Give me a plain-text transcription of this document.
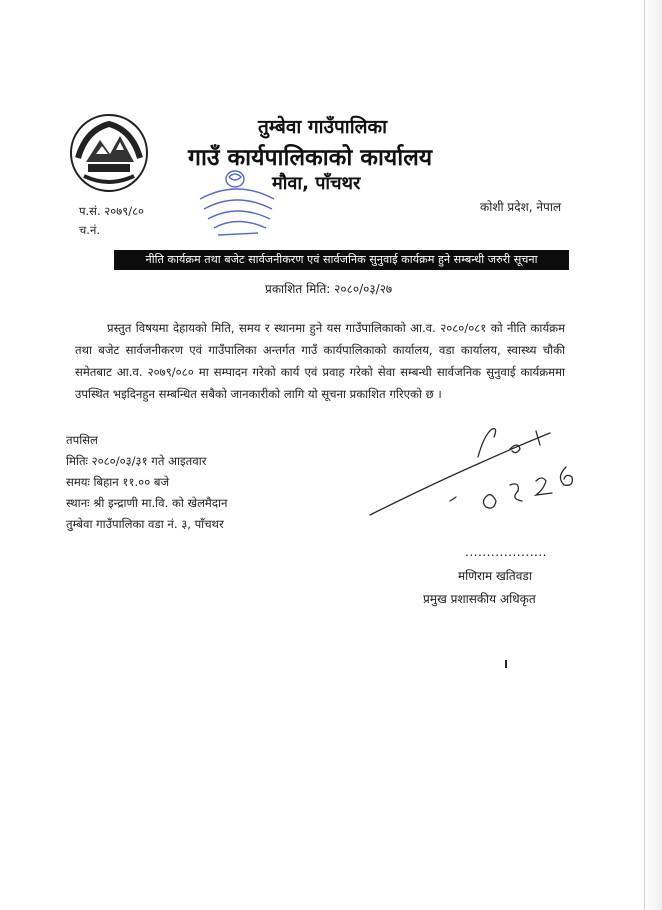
तुम्बेवा गाउँपालिका
गाउँ कार्यपालिकाको कार्यालय
मौवा, पाँचथर
प.सं. २०७९/८०
च.नं.
कोशी प्रदेश, नेपाल
नीति कार्यक्रम तथा बजेट सार्वजनीकरण एवं सार्वजनिक सुनुवाई कार्यक्रम हुने सम्बन्धी जरुरी सूचना
प्रकाशित मिति: २०८०/०३/२७
प्रस्तुत विषयमा देहायको मिति, समय र स्थानमा हुने यस गाउँपालिकाको आ.व. २०८०/०८१ को नीति कार्यक्रम तथा बजेट सार्वजनीकरण एवं गाउँपालिका अन्तर्गत गाउँ कार्यपालिकाको कार्यालय, वडा कार्यालय, स्वास्थ्य चौकी समेतबाट आ.व. २०७९/०८० मा सम्पादन गरेको कार्य एवं प्रवाह गरेको सेवा सम्बन्धी सार्वजनिक सुनुवाई कार्यक्रममा उपस्थित भइदिनहुन सम्बन्धित सबैको जानकारीको लागि यो सूचना प्रकाशित गरिएको छ ।
तपसिल
मितिः २०८०/०३/३१ गते आइतवार
समयः बिहान ११.०० बजे
स्थानः श्री इन्द्राणी मा.वि. को खेलमैदान
तुम्बेवा गाउँपालिका वडा नं. ३, पाँचथर
...................
मणिराम खतिवडा
प्रमुख प्रशासकीय अधिकृत
